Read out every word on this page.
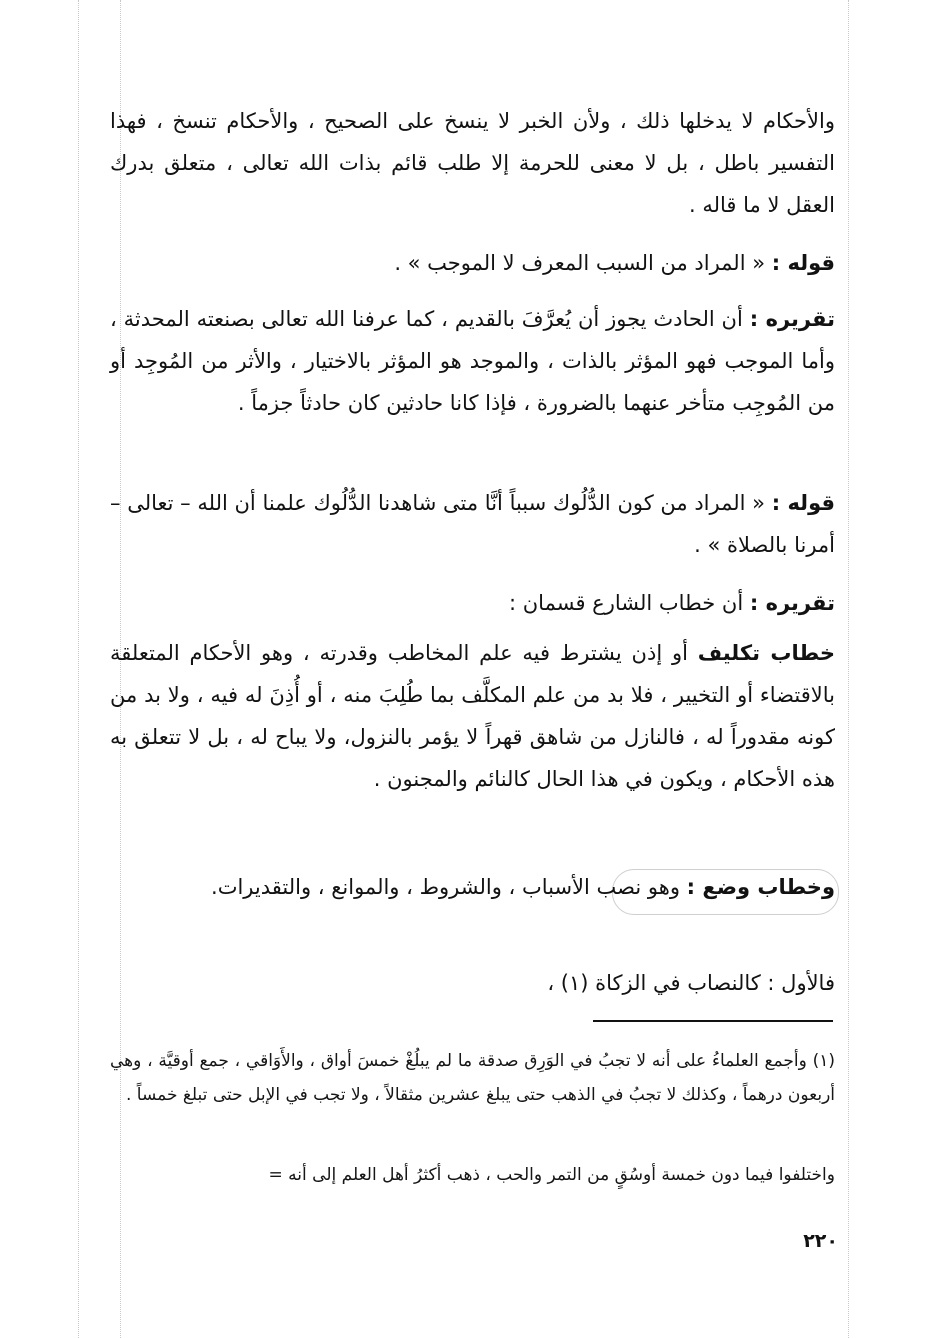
والأحكام لا يدخلها ذلك ، ولأن الخبر لا ينسخ على الصحيح ، والأحكام تنسخ ، فهذا التفسير باطل ، بل لا معنى للحرمة إلا طلب قائم بذات الله تعالى ، متعلق بدرك العقل لا ما قاله .

قوله : « المراد من السبب المعرف لا الموجب » .

تقريره : أن الحادث يجوز أن يُعرَّفَ بالقديم ، كما عرفنا الله تعالى بصنعته المحدثة ، وأما الموجب فهو المؤثر بالذات ، والموجد هو المؤثر بالاختيار ، والأثر من المُوجِد أو من المُوجِب متأخر عنهما بالضرورة ، فإذا كانا حادثين كان حادثاً جزماً .

قوله : « المراد من كون الدُّلُوك سبباً أنَّا متى شاهدنا الدُّلُوك علمنا أن الله – تعالى – أمرنا بالصلاة » .

تقريره : أن خطاب الشارع قسمان :

خطاب تكليف أو إذن يشترط فيه علم المخاطب وقدرته ، وهو الأحكام المتعلقة بالاقتضاء أو التخيير ، فلا بد من علم المكلَّف بما طُلِبَ منه ، أو أُذِنَ له فيه ، ولا بد من كونه مقدوراً له ، فالنازل من شاهق قهراً لا يؤمر بالنزول، ولا يباح له ، بل لا تتعلق به هذه الأحكام ، ويكون في هذا الحال كالنائم والمجنون .

وخطاب وضع : وهو نصب الأسباب ، والشروط ، والموانع ، والتقديرات.

فالأول : كالنصاب في الزكاة (١) ،

(١) وأجمع العلماءُ على أنه لا تجبُ في الوَرِق صدقة ما لم يبلُغْ خمسَ أواق ، والأَوَاقي ، جمع أوقيَّة ، وهي أربعون درهماً ، وكذلك لا تجبُ في الذهب حتى يبلغ عشرين مثقالاً ، ولا تجب في الإبل حتى تبلغ خمساً .

واختلفوا فيما دون خمسة أوسُقٍ من التمر والحب ، ذهب أكثرُ أهل العلم إلى أنه =

٢٢٠
